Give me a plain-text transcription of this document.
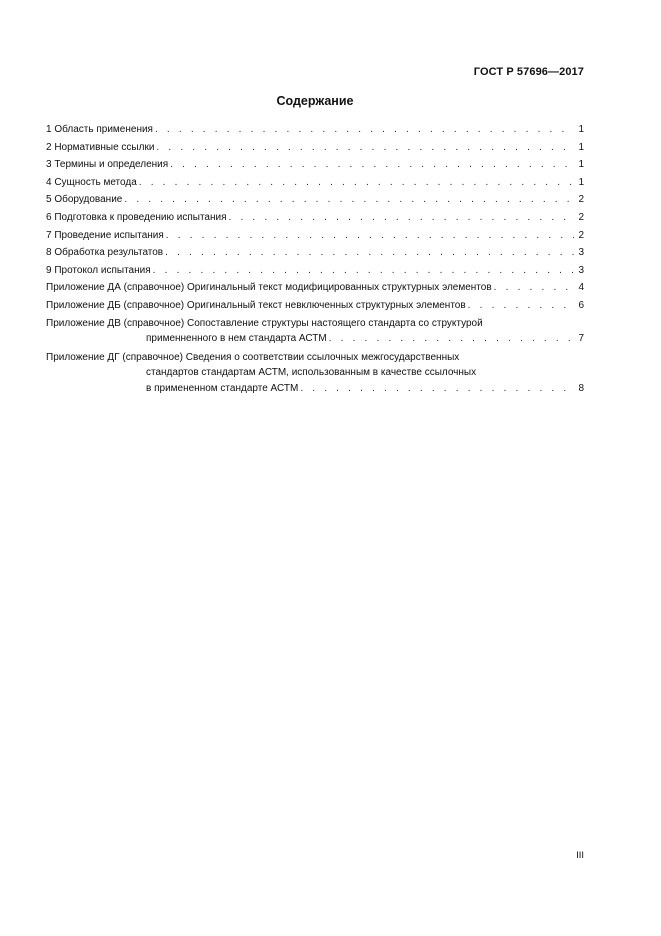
ГОСТ Р 57696—2017
Содержание
1 Область применения . . .	1
2 Нормативные ссылки . . .	1
3 Термины и определения . . .	1
4 Сущность метода . . .	1
5 Оборудование . . .	2
6 Подготовка к проведению испытания . . .	2
7 Проведение испытания . . .	2
8 Обработка результатов . . .	3
9 Протокол испытания . . .	3
Приложение ДА (справочное) Оригинальный текст модифицированных структурных элементов . . .	4
Приложение ДБ (справочное) Оригинальный текст невключенных структурных элементов . . .	6
Приложение ДВ (справочное) Сопоставление структуры настоящего стандарта со структурой
применненного в нем стандарта АСТМ . . .	7
Приложение ДГ (справочное) Сведения о соответствии ссылочных межгосударственных
стандартов стандартам АСТМ, использованным в качестве ссылочных
в примененном стандарте АСТМ . . .	8
III
